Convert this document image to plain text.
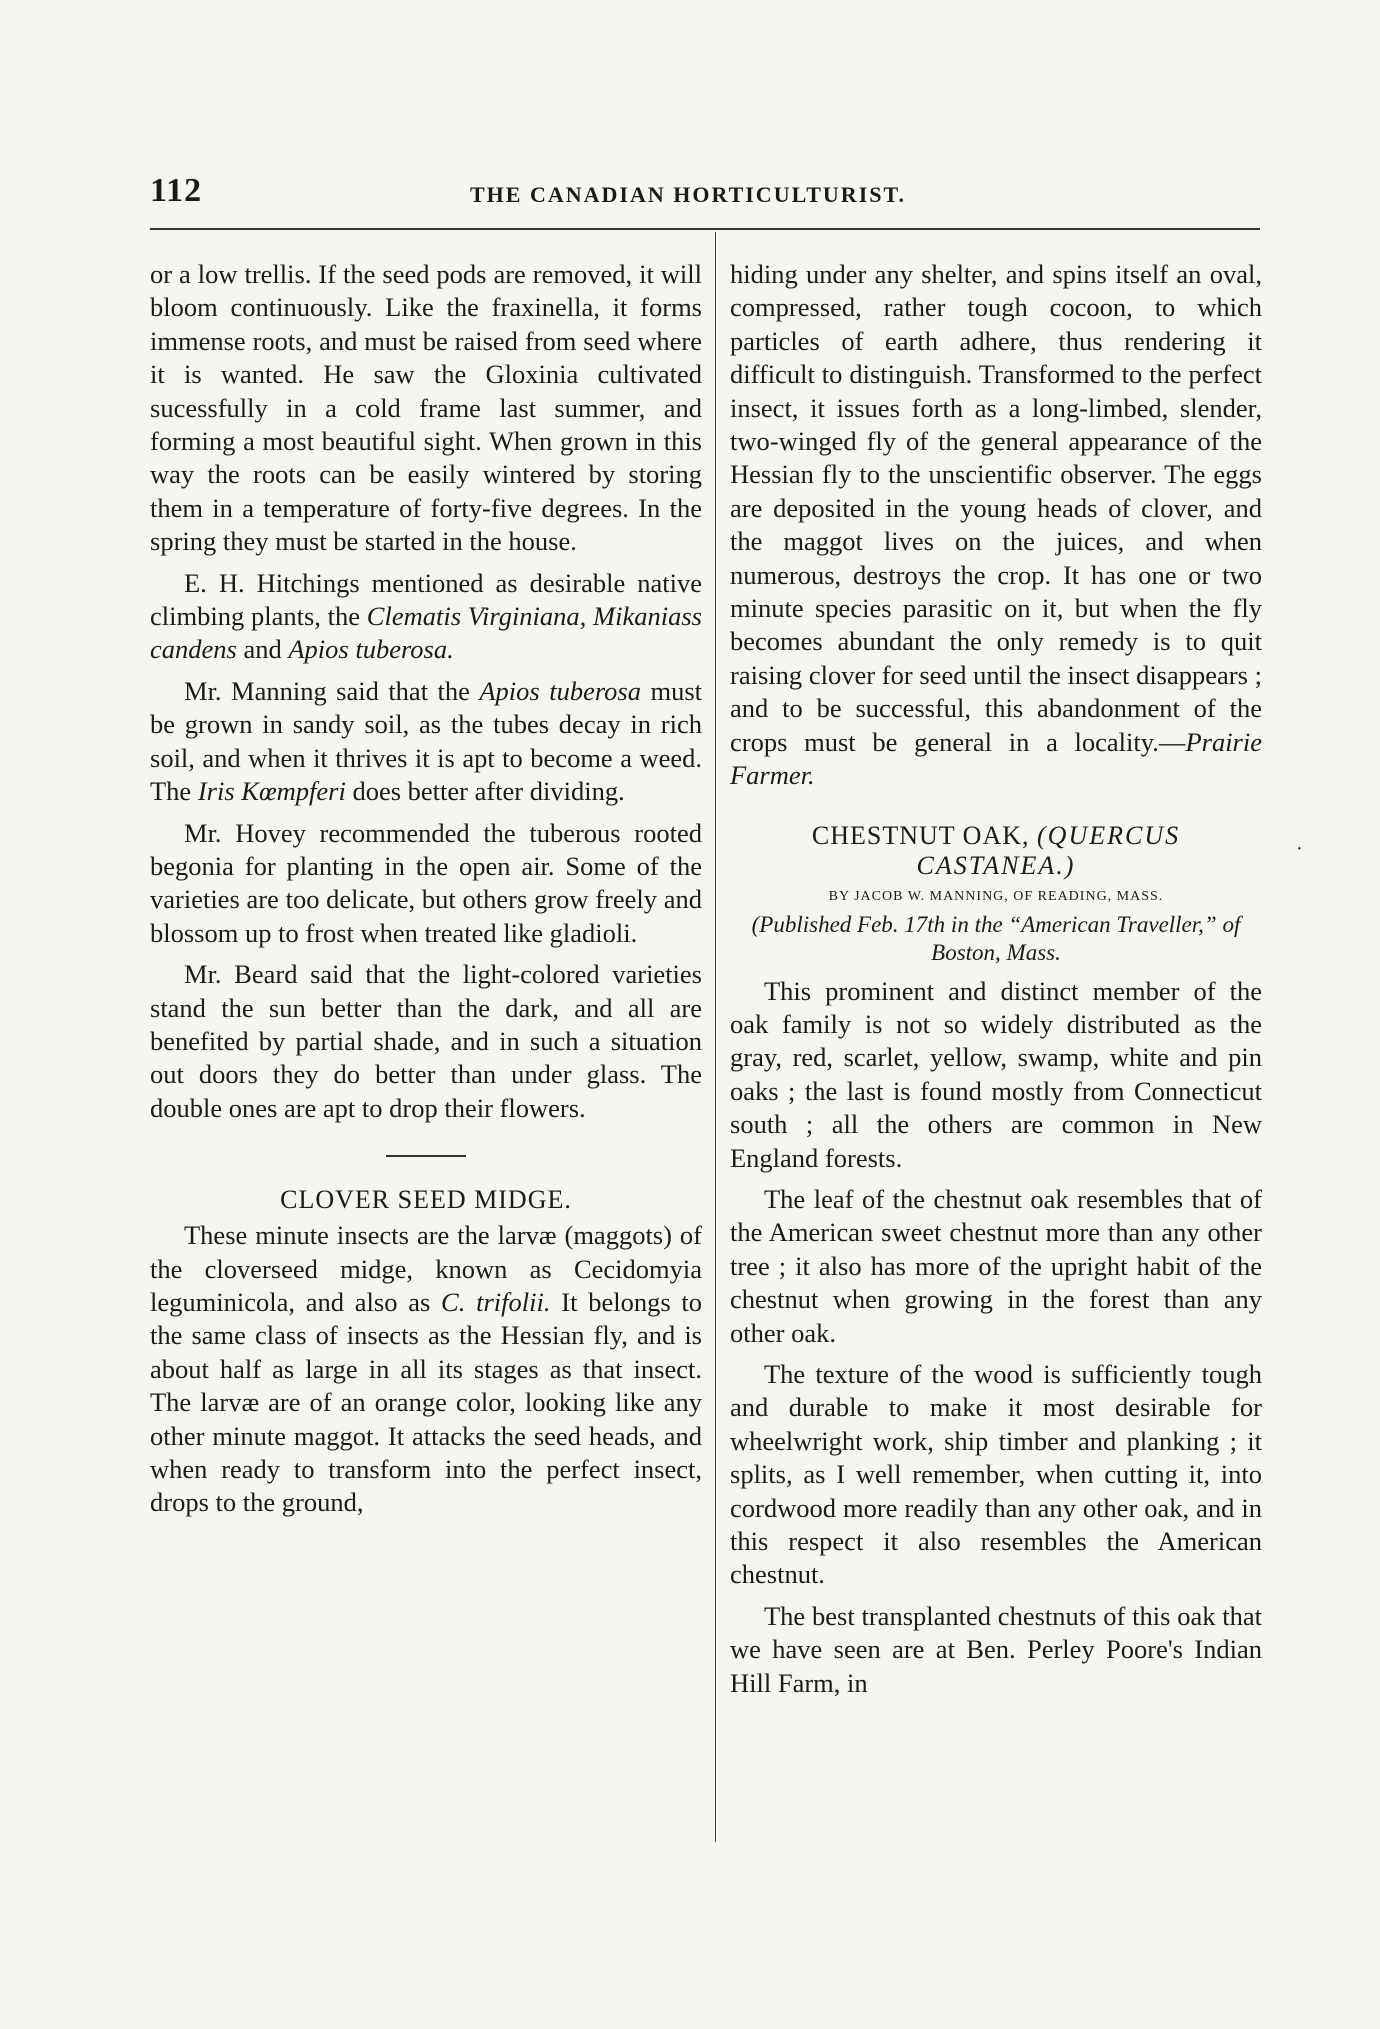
112	THE CANADIAN HORTICULTURIST.

or a low trellis. If the seed pods are removed, it will bloom continuously. Like the fraxinella, it forms immense roots, and must be raised from seed where it is wanted. He saw the Gloxinia cultivated sucessfully in a cold frame last summer, and forming a most beautiful sight. When grown in this way the roots can be easily wintered by storing them in a temperature of forty-five degrees. In the spring they must be started in the house.

E. H. Hitchings mentioned as desirable native climbing plants, the Clematis Virginiana, Mikaniass candens and Apios tuberosa.

Mr. Manning said that the Apios tuberosa must be grown in sandy soil, as the tubes decay in rich soil, and when it thrives it is apt to become a weed. The Iris Kœmpferi does better after dividing.

Mr. Hovey recommended the tuberous rooted begonia for planting in the open air. Some of the varieties are too delicate, but others grow freely and blossom up to frost when treated like gladioli.

Mr. Beard said that the light-colored varieties stand the sun better than the dark, and all are benefited by partial shade, and in such a situation out doors they do better than under glass. The double ones are apt to drop their flowers.

CLOVER SEED MIDGE.

These minute insects are the larvæ (maggots) of the cloverseed midge, known as Cecidomyia leguminicola, and also as C. trifolii. It belongs to the same class of insects as the Hessian fly, and is about half as large in all its stages as that insect. The larvæ are of an orange color, looking like any other minute maggot. It attacks the seed heads, and when ready to transform into the perfect insect, drops to the ground,

hiding under any shelter, and spins itself an oval, compressed, rather tough cocoon, to which particles of earth adhere, thus rendering it difficult to distinguish. Transformed to the perfect insect, it issues forth as a long-limbed, slender, two-winged fly of the general appearance of the Hessian fly to the unscientific observer. The eggs are deposited in the young heads of clover, and the maggot lives on the juices, and when numerous, destroys the crop. It has one or two minute species parasitic on it, but when the fly becomes abundant the only remedy is to quit raising clover for seed until the insect disappears ; and to be successful, this abandonment of the crops must be general in a locality.—Prairie Farmer.

CHESTNUT OAK, (QUERCUS CASTANEA.)
BY JACOB W. MANNING, OF READING, MASS.
(Published Feb. 17th in the “American Traveller,” of Boston, Mass.

This prominent and distinct member of the oak family is not so widely distributed as the gray, red, scarlet, yellow, swamp, white and pin oaks ; the last is found mostly from Connecticut south ; all the others are common in New England forests.

The leaf of the chestnut oak resembles that of the American sweet chestnut more than any other tree ; it also has more of the upright habit of the chestnut when growing in the forest than any other oak.

The texture of the wood is sufficiently tough and durable to make it most desirable for wheelwright work, ship timber and planking ; it splits, as I well remember, when cutting it, into cordwood more readily than any other oak, and in this respect it also resembles the American chestnut.

The best transplanted chestnuts of this oak that we have seen are at Ben. Perley Poore's Indian Hill Farm, in

·
